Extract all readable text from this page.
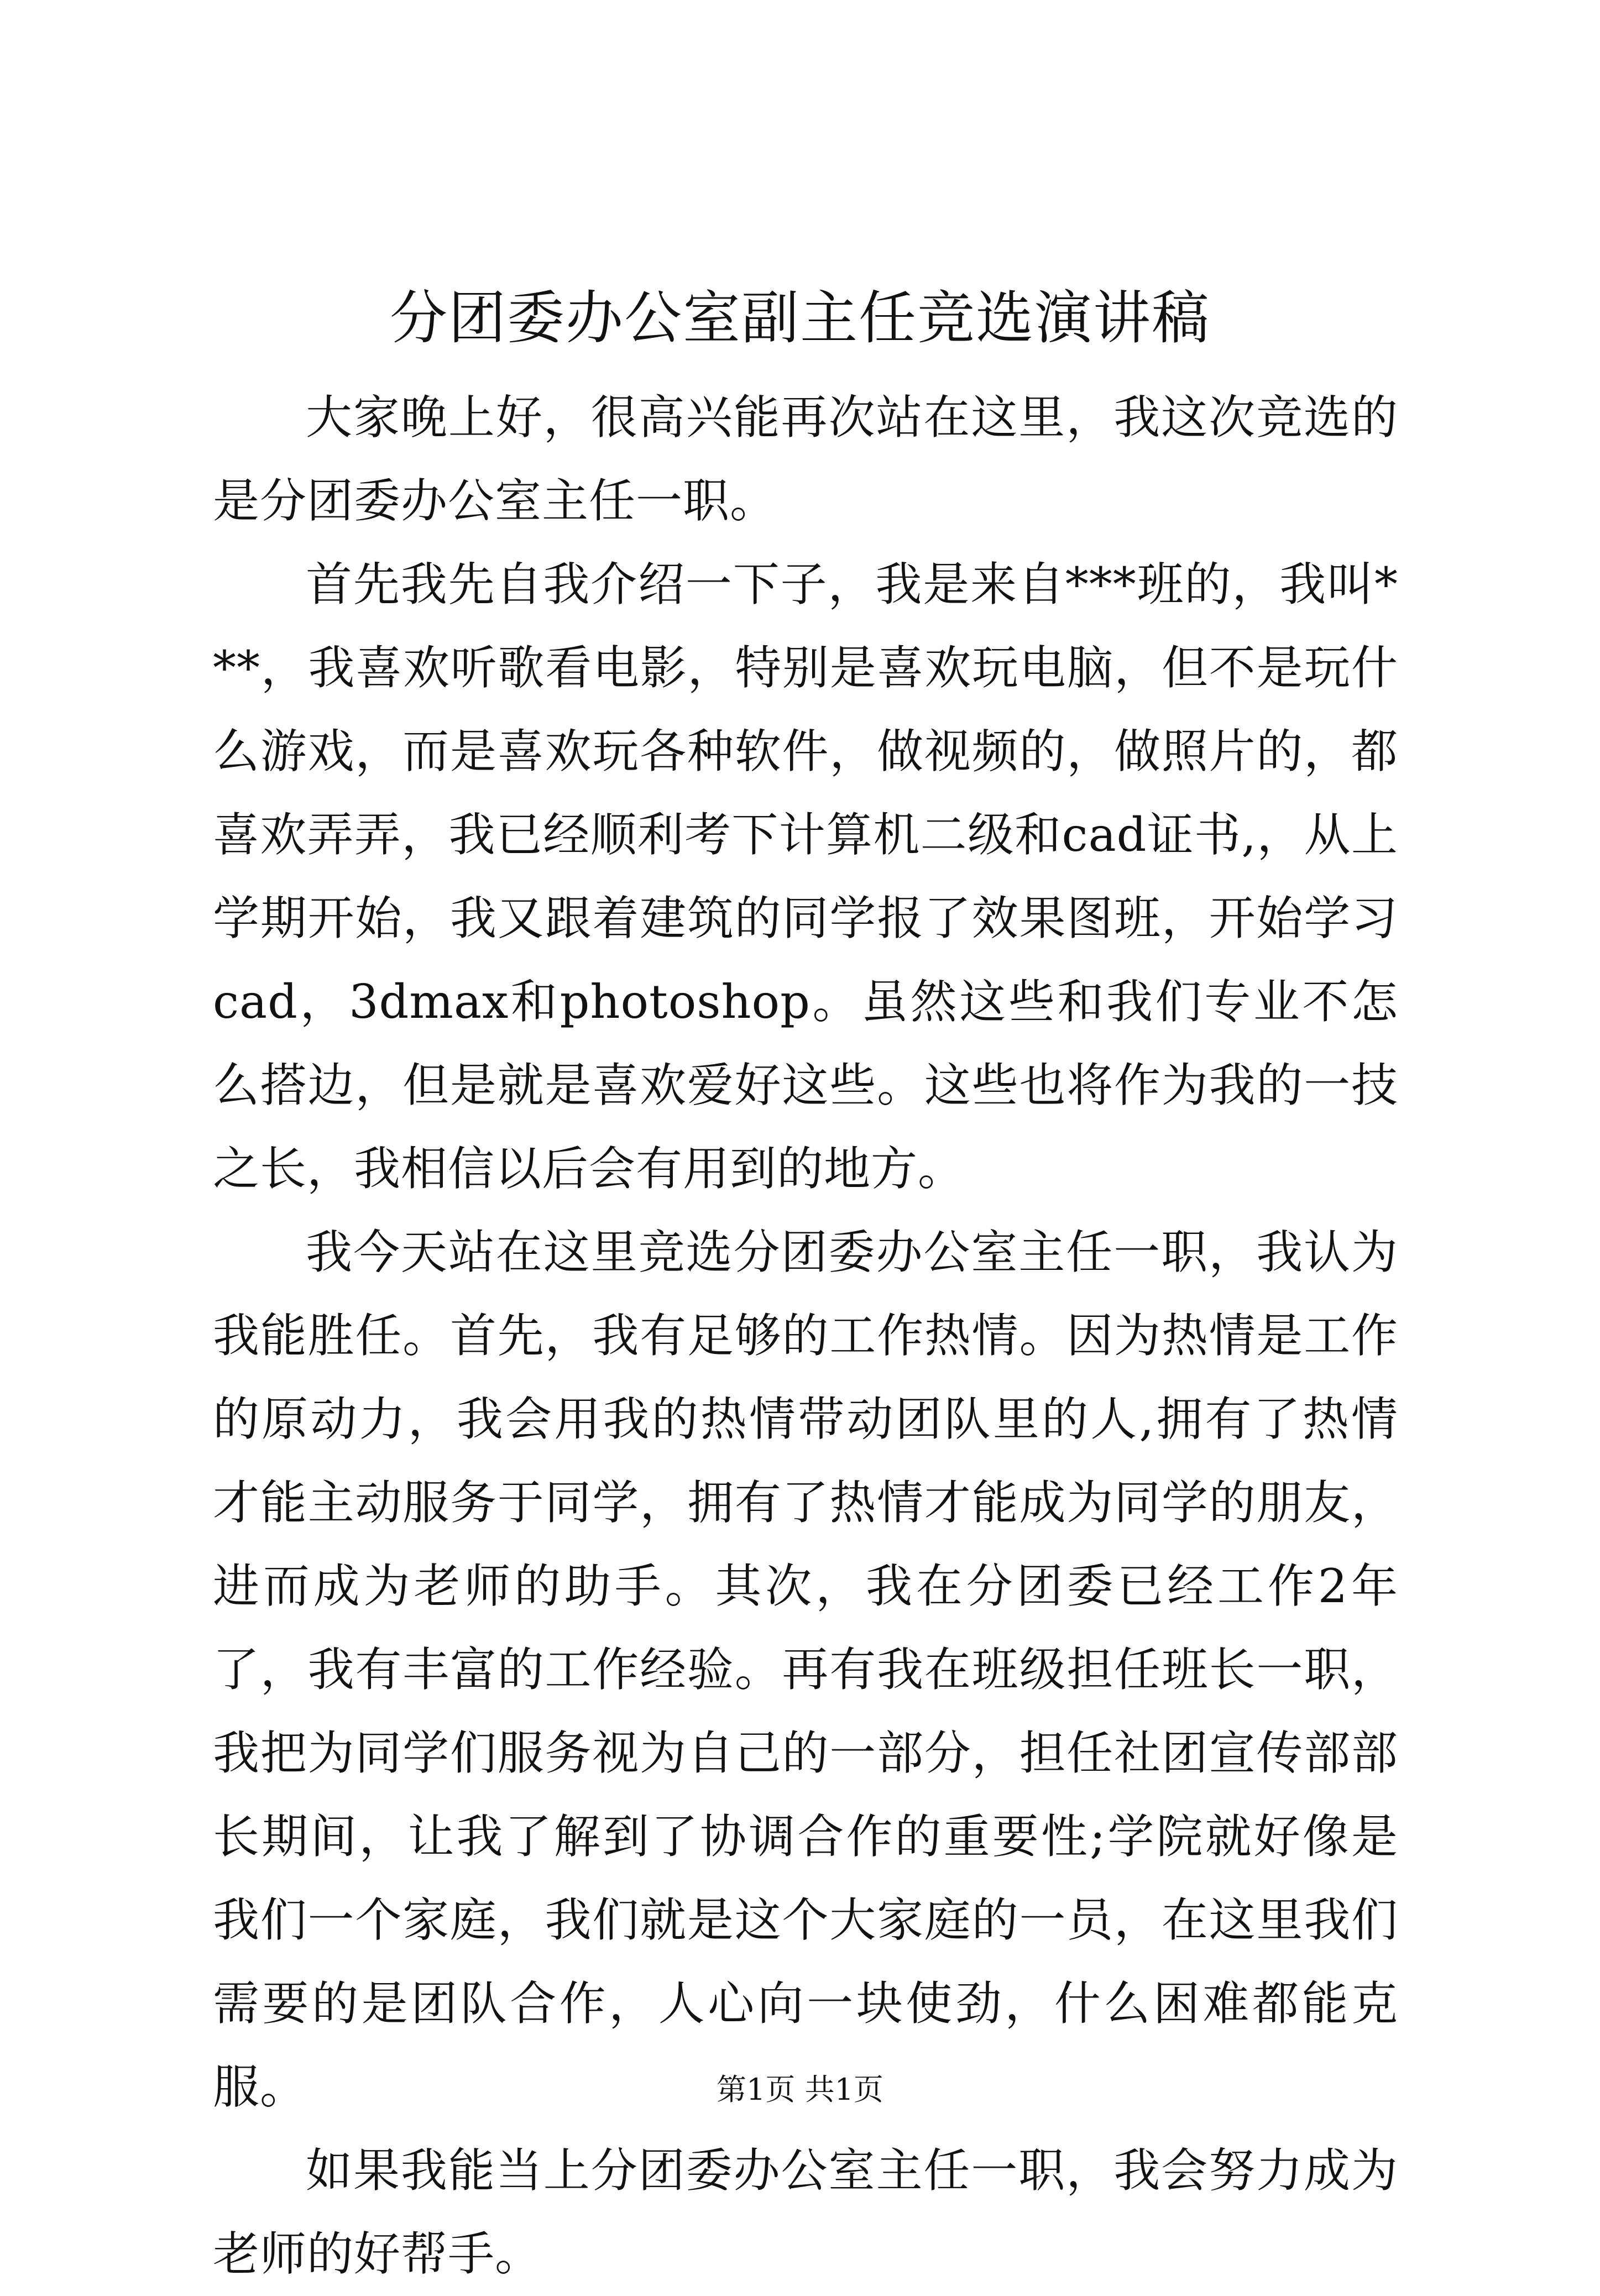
分团委办公室副主任竞选演讲稿

大家晚上好，很高兴能再次站在这里，我这次竞选的是分团委办公室主任一职。

首先我先自我介绍一下子，我是来自***班的，我叫***，我喜欢听歌看电影，特别是喜欢玩电脑，但不是玩什么游戏，而是喜欢玩各种软件，做视频的，做照片的，都喜欢弄弄，我已经顺利考下计算机二级和cad证书,，从上学期开始，我又跟着建筑的同学报了效果图班，开始学习cad，3dmax和photoshop。虽然这些和我们专业不怎么搭边，但是就是喜欢爱好这些。这些也将作为我的一技之长，我相信以后会有用到的地方。

我今天站在这里竞选分团委办公室主任一职，我认为我能胜任。首先，我有足够的工作热情。因为热情是工作的原动力，我会用我的热情带动团队里的人,拥有了热情才能主动服务于同学，拥有了热情才能成为同学的朋友，进而成为老师的助手。其次，我在分团委已经工作2年了，我有丰富的工作经验。再有我在班级担任班长一职，我把为同学们服务视为自己的一部分，担任社团宣传部部长期间，让我了解到了协调合作的重要性;学院就好像是我们一个家庭，我们就是这个大家庭的一员，在这里我们需要的是团队合作，人心向一块使劲，什么困难都能克服。

如果我能当上分团委办公室主任一职，我会努力成为老师的好帮手。

第1页 共1页
